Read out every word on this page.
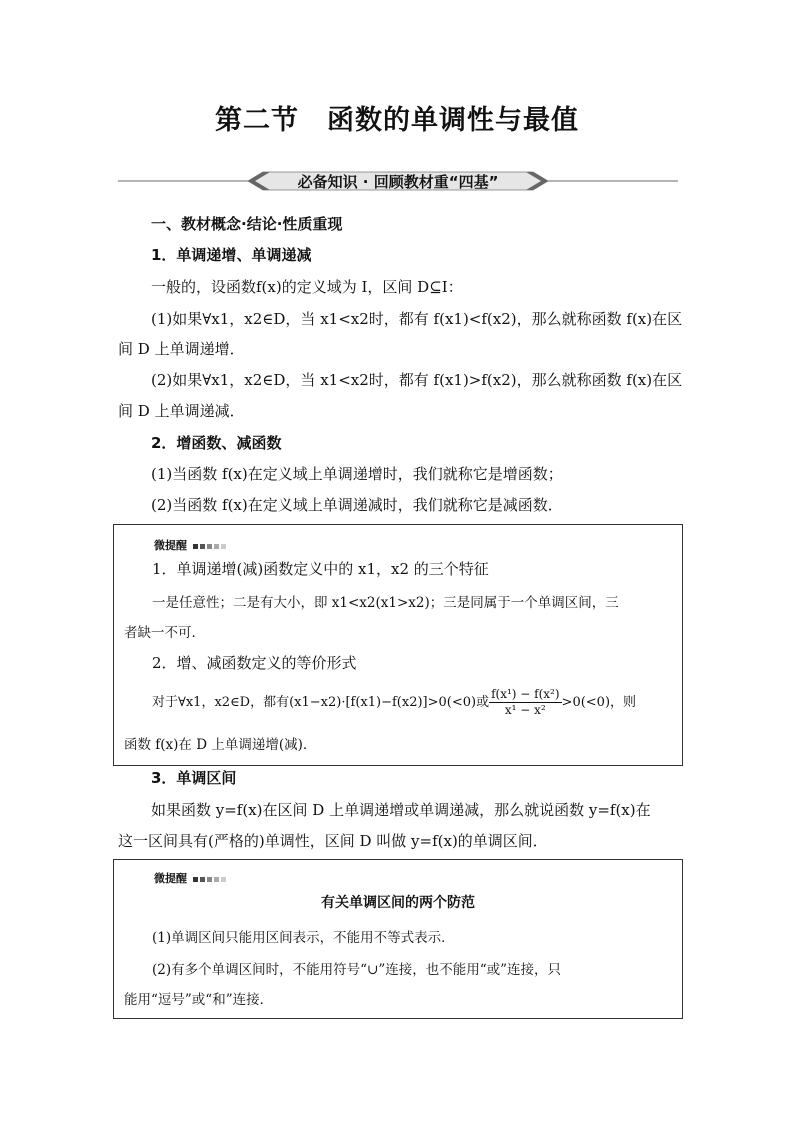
第二节　函数的单调性与最值
必备知识 · 回顾教材重“四基”
一、教材概念·结论·性质重现
1．单调递增、单调递减
一般的，设函数f(x)的定义域为 I，区间 D⊆I：
(1)如果∀x1，x2∈D，当 x1<x2时，都有 f(x1)<f(x2)，那么就称函数 f(x)在区
间 D 上单调递增．
(2)如果∀x1，x2∈D，当 x1<x2时，都有 f(x1)>f(x2)，那么就称函数 f(x)在区
间 D 上单调递减．
2．增函数、减函数
(1)当函数 f(x)在定义域上单调递增时，我们就称它是增函数；
(2)当函数 f(x)在定义域上单调递减时，我们就称它是减函数．
微提醒
1．单调递增(减)函数定义中的 x1，x2 的三个特征
一是任意性；二是有大小，即 x1<x2(x1>x2)；三是同属于一个单调区间，三
者缺一不可．
2．增、减函数定义的等价形式
对于∀x1，x2∈D，都有(x1−x2)·[f(x1)−f(x2)]>0(<0)或 $\frac{\text{f(x¹) − f(x²)}}{\text{x¹ − x²}} >0(<0)$，则
函数 f(x)在 D 上单调递增(减)．
3．单调区间
如果函数 y=f(x)在区间 D 上单调递增或单调递减，那么就说函数 y=f(x)在
这一区间具有(严格的)单调性，区间 D 叫做 y=f(x)的单调区间．
微提醒
有关单调区间的两个防范
(1)单调区间只能用区间表示，不能用不等式表示．
(2)有多个单调区间时，不能用符号“∪”连接，也不能用“或”连接，只
能用“逗号”或“和”连接．
